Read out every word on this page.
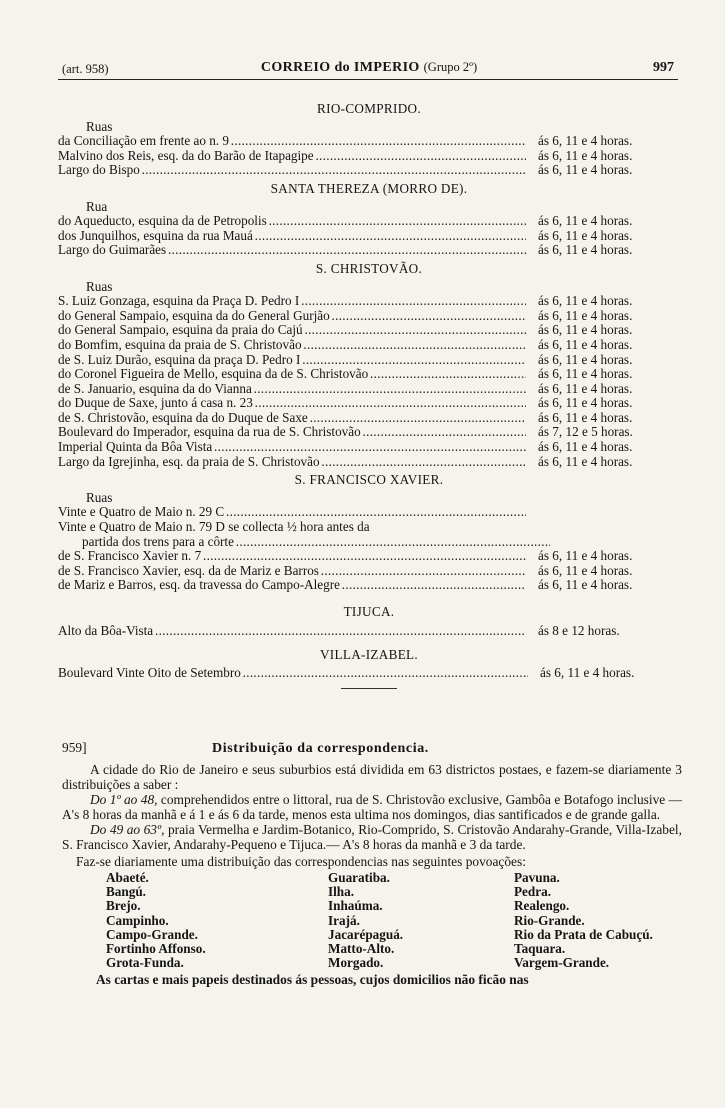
(art. 958)	CORREIO do IMPERIO (Grupo 2º)	997
RIO-COMPRIDO.
Ruas
da Conciliação em frente ao n. 9 . . .	ás 6, 11 e 4 horas.
Malvino dos Reis, esq. da do Barão de Itapagipe . . .	ás 6, 11 e 4 horas.
Largo do Bispo . . .	ás 6, 11 e 4 horas.
SANTA THEREZA (MORRO DE).
Rua
do Aqueducto, esquina da de Petropolis . . .	ás 6, 11 e 4 horas.
dos Junquilhos, esquina da rua Mauá . . .	ás 6, 11 e 4 horas.
Largo do Guimarães . . .	ás 6, 11 e 4 horas.
S. CHRISTOVÃO.
Ruas
S. Luiz Gonzaga, esquina da Praça D. Pedro I . . .	ás 6, 11 e 4 horas.
do General Sampaio, esquina da do General Gurjão . . .	ás 6, 11 e 4 horas.
do General Sampaio, esquina da praia do Cajú . . .	ás 6, 11 e 4 horas.
do Bomfim, esquina da praia de S. Christovão . . .	ás 6, 11 e 4 horas.
de S. Luiz Durão, esquina da praça D. Pedro I . . .	ás 6, 11 e 4 horas.
do Coronel Figueira de Mello, esquina da de S. Christovão . . .	ás 6, 11 e 4 horas.
de S. Januario, esquina da do Vianna . . .	ás 6, 11 e 4 horas.
do Duque de Saxe, junto á casa n. 23 . . .	ás 6, 11 e 4 horas.
de S. Christovão, esquina da do Duque de Saxe . . .	ás 6, 11 e 4 horas.
Boulevard do Imperador, esquina da rua de S. Christovão . . .	ás 7, 12 e 5 horas.
Imperial Quinta da Bôa Vista . . .	ás 6, 11 e 4 horas.
Largo da Igrejinha, esq. da praia de S. Christovão . . .	ás 6, 11 e 4 horas.
S. FRANCISCO XAVIER.
Ruas
Vinte e Quatro de Maio n. 29 C . . .
Vinte e Quatro de Maio n. 79 D se collecta ½ hora antes da
partida dos trens para a côrte . . .
de S. Francisco Xavier n. 7 . . .	ás 6, 11 e 4 horas.
de S. Francisco Xavier, esq. da de Mariz e Barros . . .	ás 6, 11 e 4 horas.
de Mariz e Barros, esq. da travessa do Campo-Alegre . . .	ás 6, 11 e 4 horas.
TIJUCA.
Alto da Bôa-Vista . . .	ás 8 e 12 horas.
VILLA-IZABEL.
Boulevard Vinte Oito de Setembro . . .	ás 6, 11 e 4 horas.
959]	Distribuição da correspondencia.

A cidade do Rio de Janeiro e seus suburbios está dividida em 63 districtos postaes, e fazem-se diariamente 3 distribuições a saber :

Do 1º ao 48, comprehendidos entre o littoral, rua de S. Christovão exclusive, Gambôa e Botafogo inclusive —A's 8 horas da manhã e á 1 e ás 6 da tarde, menos esta ultima nos domingos, dias santificados e de grande galla.

Do 49 ao 63º, praia Vermelha e Jardim-Botanico, Rio-Comprido, S. Cristovão Andarahy-Grande, Villa-Izabel, S. Francisco Xavier, Andarahy-Pequeno e Tijuca.— A's 8 horas da manhã e 3 da tarde.

Faz-se diariamente uma distribuição das correspondencias nas seguintes povoações:

Abaeté.	Guaratiba.	Pavuna.
Bangú.	Ilha.	Pedra.
Brejo.	Inhaúma.	Realengo.
Campinho.	Irajá.	Rio-Grande.
Campo-Grande.	Jacarépaguá.	Rio da Prata de Cabuçú.
Fortinho Affonso.	Matto-Alto.	Taquara.
Grota-Funda.	Morgado.	Vargem-Grande.

As cartas e mais papeis destinados ás pessoas, cujos domicilios não ficão nas
